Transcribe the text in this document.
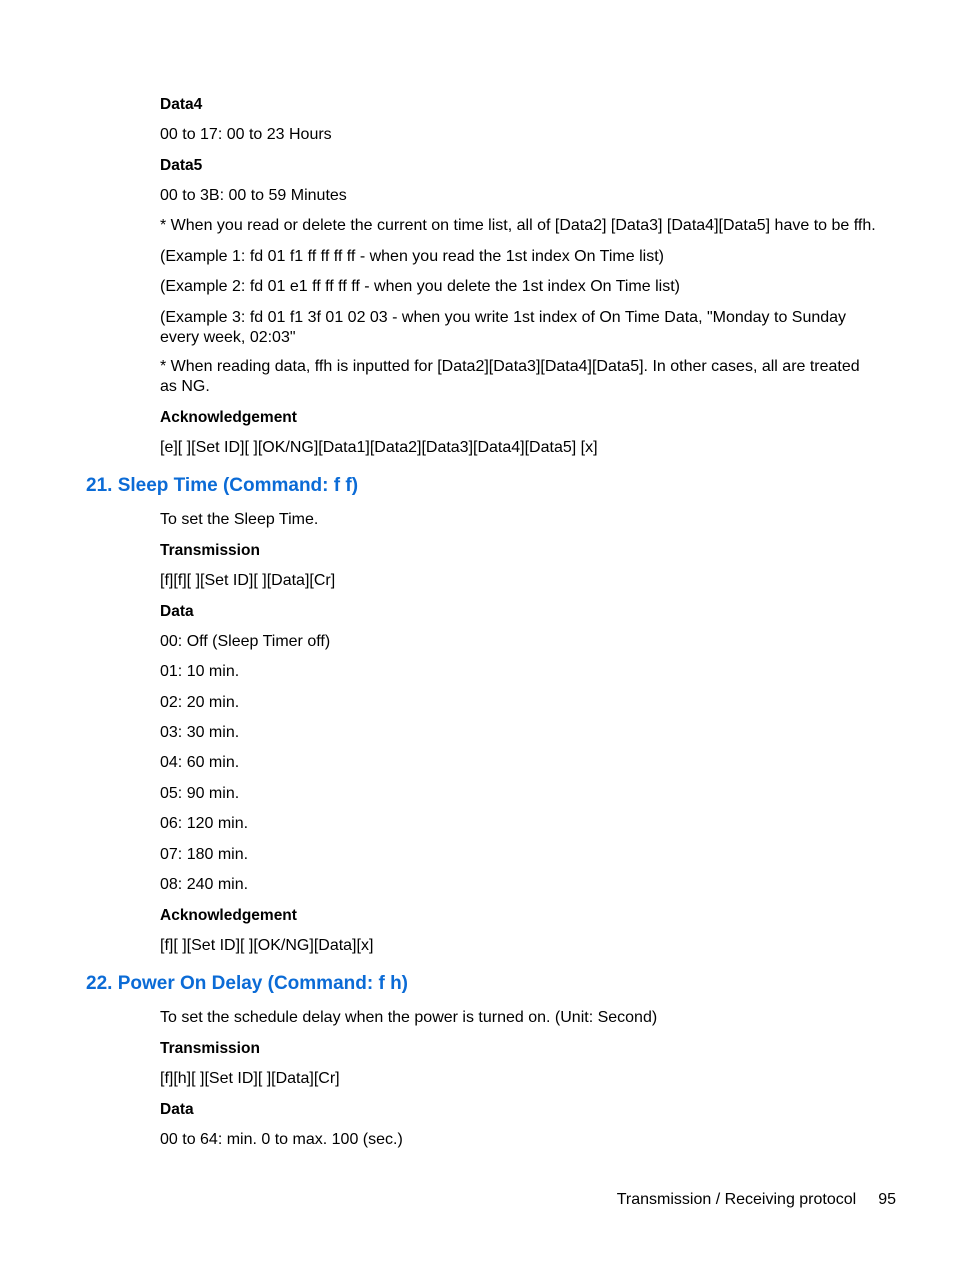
Data4

00 to 17: 00 to 23 Hours

Data5

00 to 3B: 00 to 59 Minutes

* When you read or delete the current on time list, all of [Data2] [Data3] [Data4][Data5] have to be ffh.

(Example 1: fd 01 f1 ff ff ff ff - when you read the 1st index On Time list)

(Example 2: fd 01 e1 ff ff ff ff - when you delete the 1st index On Time list)

(Example 3: fd 01 f1 3f 01 02 03 - when you write 1st index of On Time Data, "Monday to Sunday every week, 02:03"

* When reading data, ffh is inputted for [Data2][Data3][Data4][Data5]. In other cases, all are treated as NG.

Acknowledgement

[e][ ][Set ID][ ][OK/NG][Data1][Data2][Data3][Data4][Data5] [x]

21. Sleep Time (Command: f f)

To set the Sleep Time.

Transmission

[f][f][ ][Set ID][ ][Data][Cr]

Data

00: Off (Sleep Timer off)

01: 10 min.

02: 20 min.

03: 30 min.

04: 60 min.

05: 90 min.

06: 120 min.

07: 180 min.

08: 240 min.

Acknowledgement

[f][ ][Set ID][ ][OK/NG][Data][x]

22. Power On Delay (Command: f h)

To set the schedule delay when the power is turned on. (Unit: Second)

Transmission

[f][h][ ][Set ID][ ][Data][Cr]

Data

00 to 64: min. 0 to max. 100 (sec.)

Transmission / Receiving protocol 95
